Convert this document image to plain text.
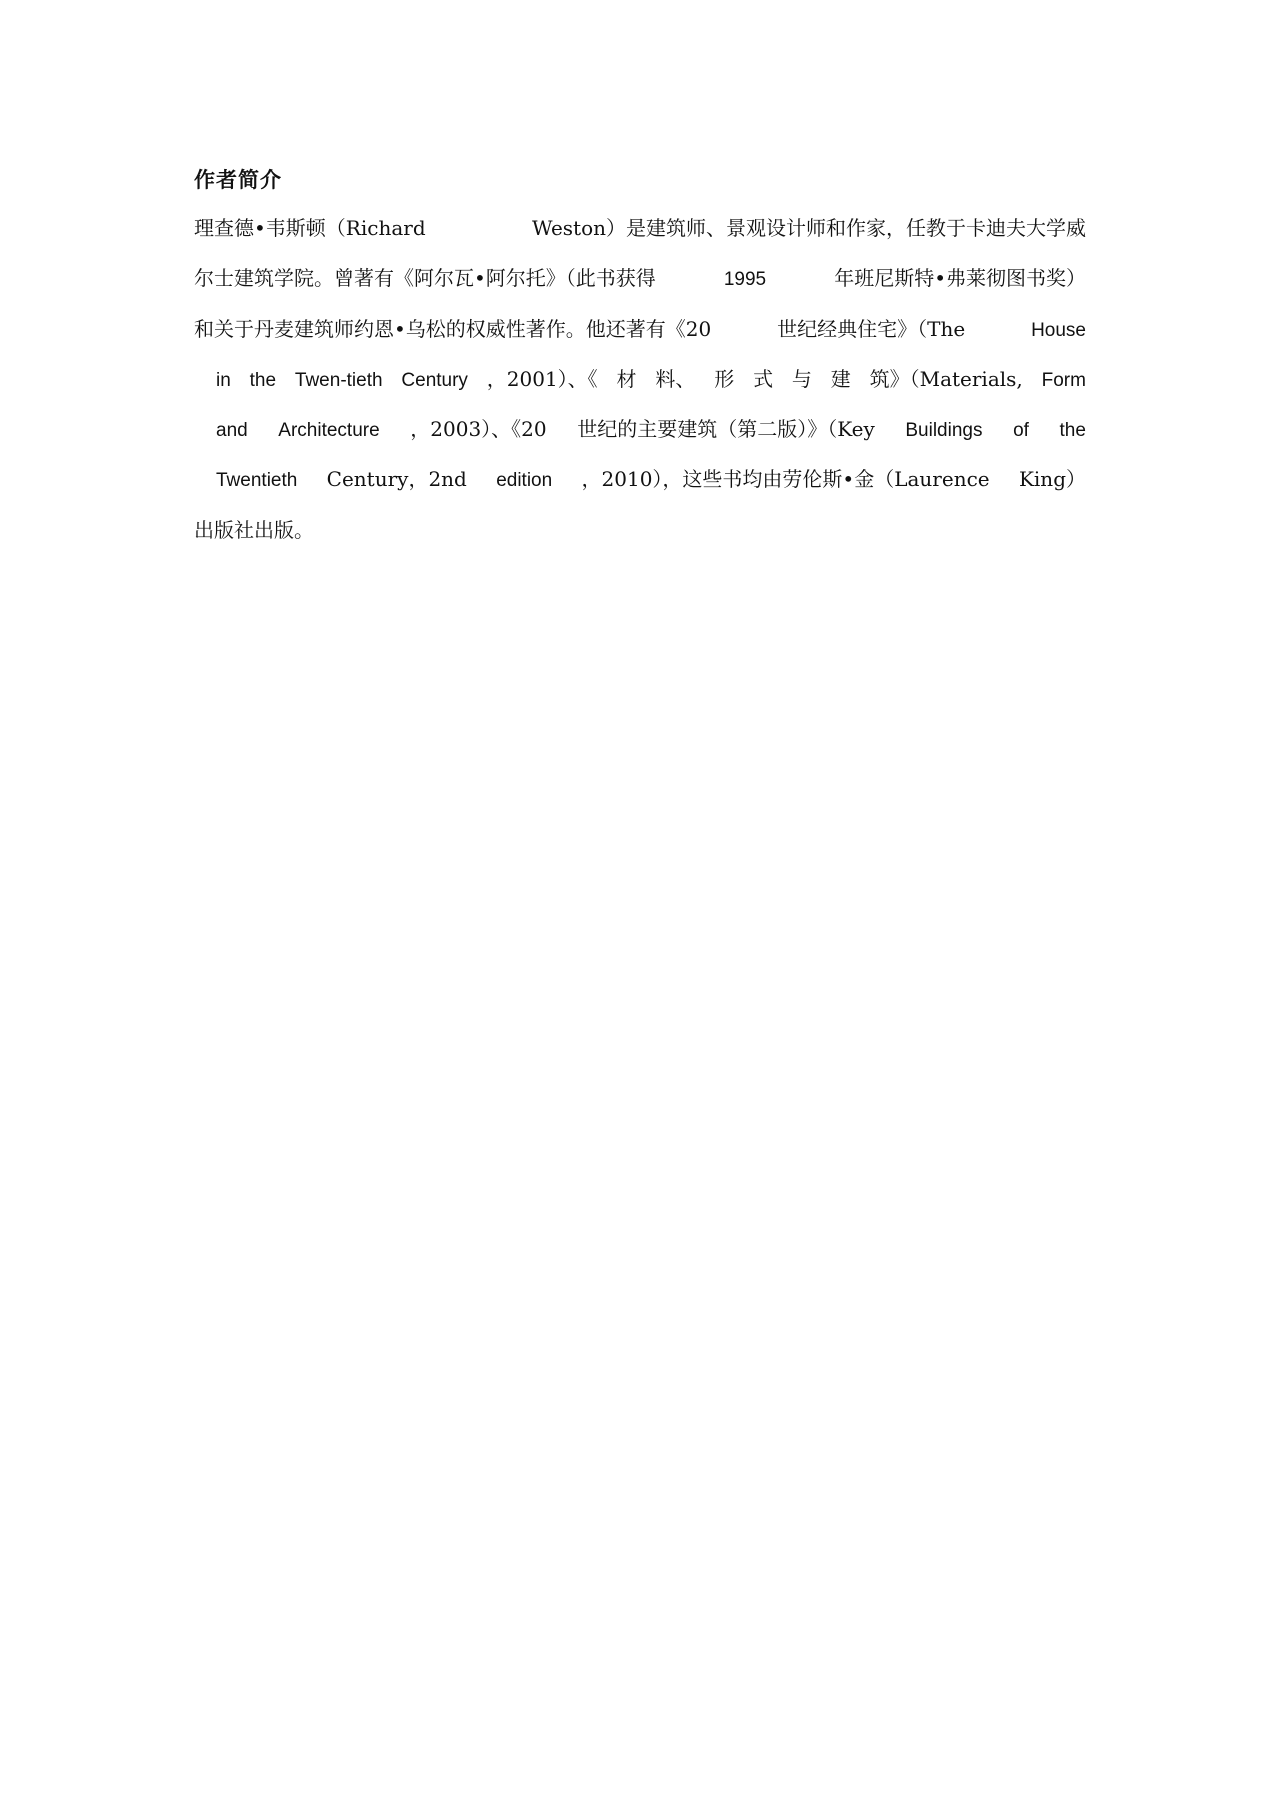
作者简介
理查德•韦斯顿（Richard	Weston）是建筑师、景观设计师和作家，任教于卡迪夫大学威
尔士建筑学院。曾著有《阿尔瓦•阿尔托》（此书获得	1995	年班尼斯特•弗莱彻图书奖）
和关于丹麦建筑师约恩•乌松的权威性著作。他还著有《20	世纪经典住宅》（The	House
in the Twen-tieth Century ，2001）、《 材 料、 形 式 与 建 筑》（Materials, Form
and Architecture ，2003）、《20 世纪的主要建筑（第二版）》（Key Buildings of the
Twentieth Century，2nd edition ，2010），这些书均由劳伦斯•金（Laurence King）
出版社出版。
